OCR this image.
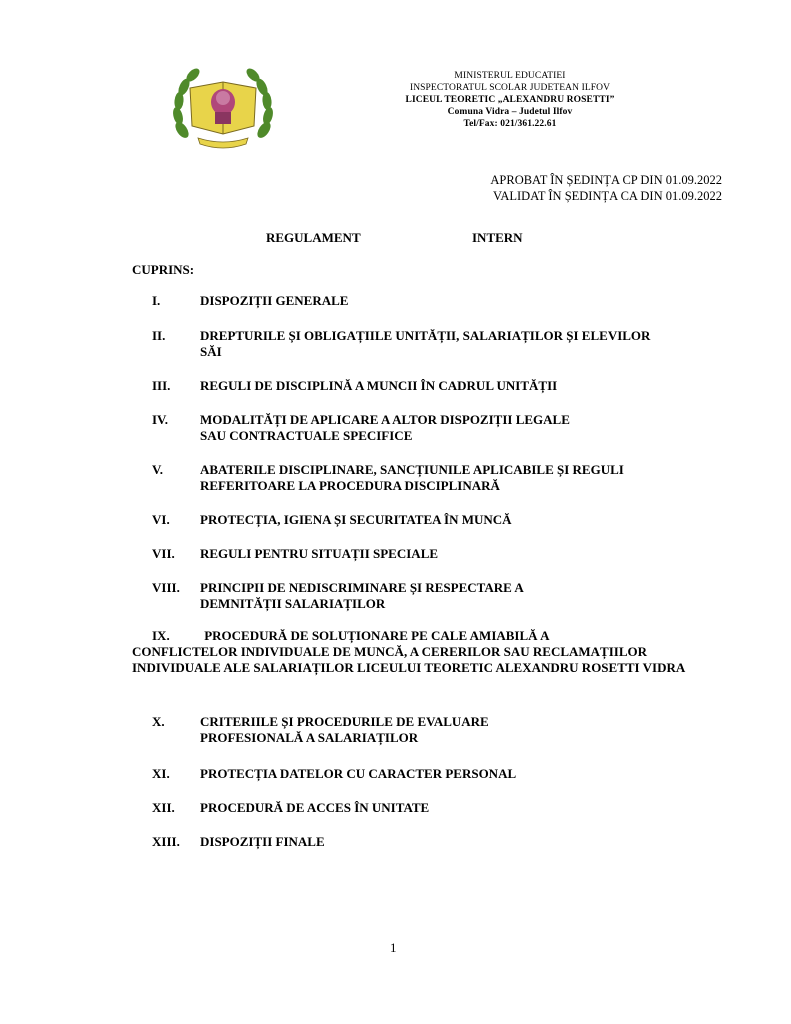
MINISTERUL EDUCATIEI
INSPECTORATUL SCOLAR JUDETEAN ILFOV
LICEUL TEORETIC „ALEXANDRU ROSETTI”
Comuna Vidra – Judetul Ilfov
Tel/Fax: 021/361.22.61
APROBAT ÎN ȘEDINȚA CP DIN 01.09.2022
VALIDAT ÎN ȘEDINȚA CA DIN 01.09.2022
REGULAMENT	INTERN
CUPRINS:
I.	DISPOZIȚII GENERALE
II.	DREPTURILE ȘI OBLIGAȚIILE UNITĂȚII, SALARIAȚILOR ȘI ELEVILOR
SĂI
III. REGULI DE DISCIPLINĂ A MUNCII ÎN CADRUL UNITĂȚII
IV. MODALITĂȚI DE APLICARE A ALTOR DISPOZIȚII LEGALE
SAU CONTRACTUALE SPECIFICE
V.	ABATERILE DISCIPLINARE, SANCȚIUNILE APLICABILE ȘI REGULI
REFERITOARE LA PROCEDURA DISCIPLINARĂ
VI. PROTECȚIA, IGIENA ȘI SECURITATEA ÎN MUNCĂ
VII. REGULI PENTRU SITUAȚII SPECIALE
VIII. PRINCIPII DE NEDISCRIMINARE ȘI RESPECTARE A
DEMNITĂȚII SALARIAȚILOR
IX.	PROCEDURĂ DE SOLUȚIONARE PE CALE AMIABILĂ A
CONFLICTELOR INDIVIDUALE DE MUNCĂ, A CERERILOR SAU RECLAMAȚIILOR INDIVIDUALE ALE SALARIAȚILOR LICEULUI TEORETIC ALEXANDRU ROSETTI VIDRA
X.	CRITERIILE ȘI PROCEDURILE DE EVALUARE
PROFESIONALĂ A SALARIAȚILOR
XI. PROTECȚIA DATELOR CU CARACTER PERSONAL
XII. PROCEDURĂ DE ACCES ÎN UNITATE
XIII. DISPOZIȚII FINALE
1
